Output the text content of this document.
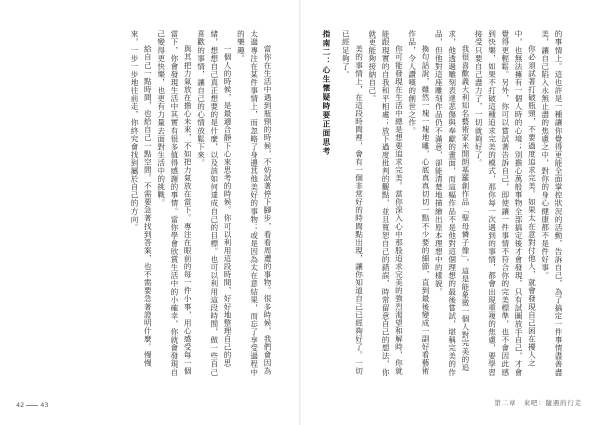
當你在生活中遇到瓶頸的時候，不妨試著停下腳步，看看周遭的事物。很多時候，我們會因為太過專注在某件事情上，而忽略了身邊其他美好的事物；或是因為太在意結果，而忘了享受過程中的樂趣。

一個人的時候，是最適合靜下心來思考的時候。你可以利用這段時間，好好地整理自己的思緒，想想自己真正想要的是什麼，以及該如何達成自己的目標。也可以利用這段時間，做一些自己喜歡的事情，讓自己的心情放鬆下來。

與其把力氣放在擔心未來，不如把力氣放在當下。專注在眼前的每一件小事，用心感受每一個當下，你會發現生活中其實有很多值得感謝的事情。當你學會欣賞生活中的小確幸，你就會發現自己變得更快樂，也更有力量去面對生活中的挑戰。

給自己一點時間，也給自己一點空間。不需要急著找到答案，也不需要急著證明什麼。慢慢來，一步一步地往前走，你終究會找到屬於自己的方向。

42 43

的事情上。這也許是一種讓你覺得更能全面掌控狀況的活動，告訴自己，為了搞定一件事情盡善盡美，讓自己陷入永無止盡的焦慮之中，對你的身心健康都不是件好事。

你必須試著打破瓶頸，不要過度追求完美。如果太在意對付他人，就會發現自己困在擾人之中，也無法擁有一個人時的心境；別擔心萬般事物全部搞定後才會發現，只有試圖放手自己，才會覺得更輕鬆。另外，你可以嘗試著告訴自己，即使讓一件事情不符合你的完美標準，也不會因此感到快樂，如果不打破這種追求完美的模式，那你每一次遇到的事情，都會出現重複的焦慮，要學習接受只要自己盡力了，一切就夠好了。

我很喜歡義大利知名藝術家米開朗基羅創作品「聖母憐子像」，這是能象徵一個人對完美的追求，他透過雕刻表達悲傷與奉獻的畫面，而這幅作品不是他對這個理想的最後嘗試，堪稱完美的作品，但他對這座雕刻作品仍不滿意，卻能清楚地描繪出原本理想中的樣貌。

換句話說，雖然一塊一塊地雕，心底真真切切一點不少要的細節，直到最後變成一副好看藝術作品，令人讚嘆的創世之作。

你可能發現在生活中總是想要追求完美。當你深入心中那股追求完美的強烈渴望和解時，你就能跟現實的自我和平相處；放下過度批判的觀點，並且寬恕自己的錯誤，時常留意自己的想法，你就更能夠接納自己。

美的事情上，在這段時間裡，會有一個非常好的時間點出現，讓你知道自己已經夠好了。一切已經足夠了。

指南二：心生懷疑時要正面思考

第二章　來吧：隨遇的行走
